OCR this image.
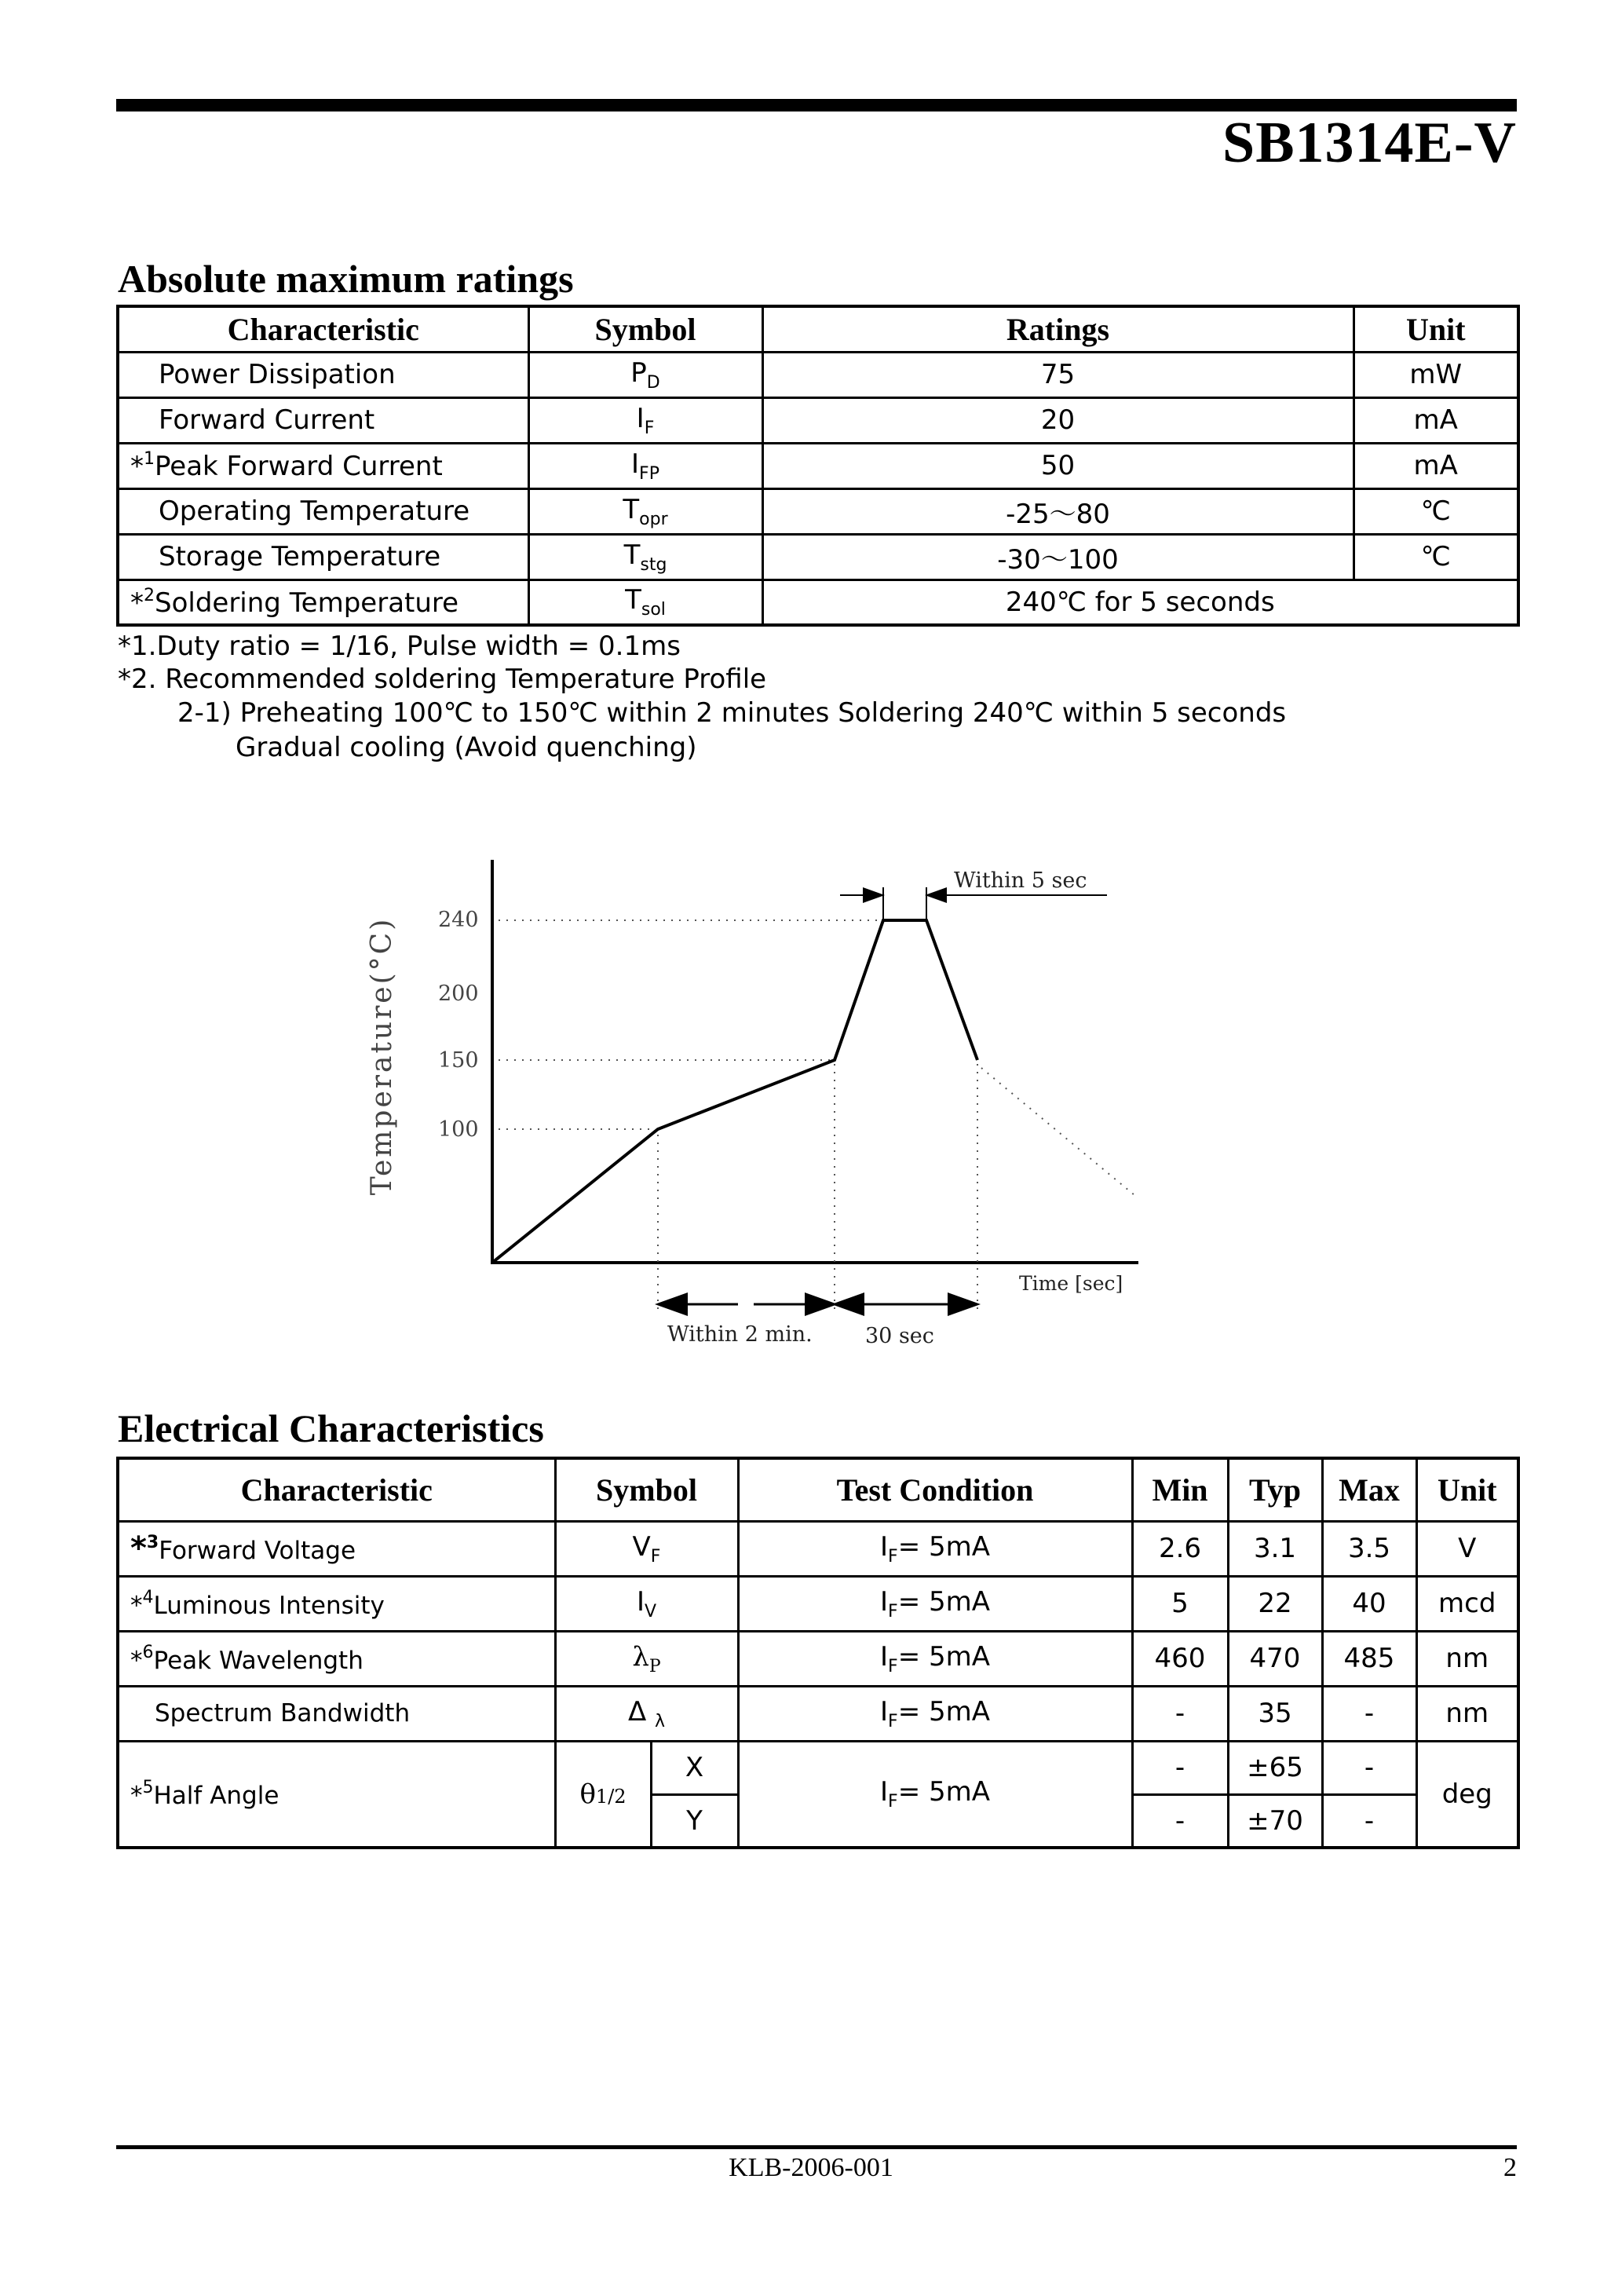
SB1314E-V
Absolute maximum ratings
Characteristic	Symbol	Ratings	Unit
Power Dissipation	$P_D$	75	mW
Forward Current	$I_F$	20	mA
*$^1$Peak Forward Current	$I_{FP}$	50	mA
Operating Temperature	$T_{opr}$	-25～80	℃
Storage Temperature	$T_{stg}$	-30～100	℃
*$^2$Soldering Temperature	$T_{sol}$	240℃ for 5 seconds	
*1.Duty ratio = 1/16, Pulse width = 0.1ms
*2. Recommended soldering Temperature Profile
2-1) Preheating 100℃ to 150℃ within 2 minutes Soldering 240℃ within 5 seconds
Gradual cooling (Avoid quenching)
Temperature(°C) 240
200
150
100
Within 5 sec
Time [sec]
Within 2 min. 30 sec
Electrical Characteristics
Characteristic	Symbol		Test Condition	Min	Typ	Max	Unit
*$^3$Forward Voltage	$V_F$		$I_F= 5mA$	2.6	3.1	3.5	V
*$^4$Luminous Intensity	$I_V$		$I_F= 5mA$	5	22	40	mcd
*$^6$Peak Wavelength	$\lambda_P$		$I_F= 5mA$	460	470	485	nm
Spectrum Bandwidth	Δ $_\lambda$		$I_F= 5mA$	-	35	-	nm
*$^5$Half Angle	θ1/2	X	$I_F= 5mA$	-	±65	-	deg
		Y		-	±70	-	
KLB-2006-001	2
